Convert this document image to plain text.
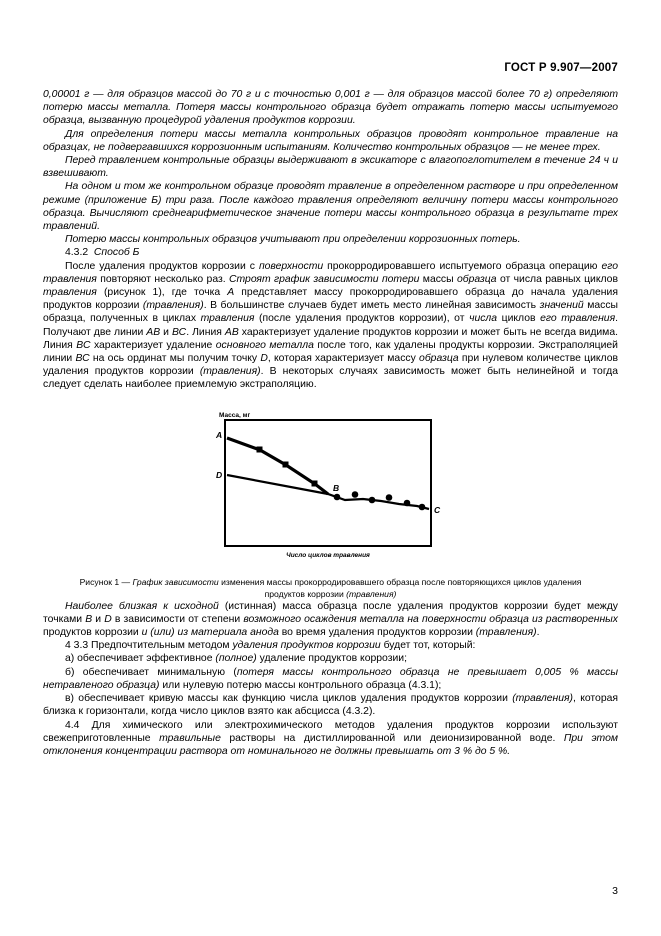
ГОСТ Р 9.907—2007

0,00001 г — для образцов массой до 70 г и с точностью 0,001 г — для образцов массой более 70 г) определяют потерю массы металла. Потеря массы контрольного образца будет отражать потерю массы испытуемого образца, вызванную процедурой удаления продуктов коррозии.

Для определения потери массы металла контрольных образцов проводят контрольное травление на образцах, не подвергавшихся коррозионным испытаниям. Количество контрольных образцов — не менее трех.

Перед травлением контрольные образцы выдерживают в эксикаторе с влагопоглотителем в течение 24 ч и взвешивают.

На одном и том же контрольном образце проводят травление в определенном растворе и при определенном режиме (приложение Б) три раза. После каждого травления определяют величину потери массы контрольного образца. Вычисляют среднеарифметическое значение потери массы контрольного образца в результате трех травлений.

Потерю массы контрольных образцов учитывают при определении коррозионных потерь.

4.3.2 Способ Б

После удаления продуктов коррозии с поверхности прокорродировавшего испытуемого образца операцию его травления повторяют несколько раз. Строят график зависимости потери массы образца от числа равных циклов травления (рисунок 1), где точка А представляет массу прокорродировавшего образца до начала удаления продуктов коррозии (травления). В большинстве случаев будет иметь место линейная зависимость значений массы образца, полученных в циклах травления (после удаления продуктов коррозии), от числа циклов его травления. Получают две линии АВ и ВС. Линия АВ характеризует удаление продуктов коррозии и может быть не всегда видима. Линия ВС характеризует удаление основного металла после того, как удалены продукты коррозии. Экстраполяцией линии ВС на ось ординат мы получим точку D, которая характеризует массу образца при нулевом количестве циклов удаления продуктов коррозии (травления). В некоторых случаях зависимость может быть нелинейной и тогда следует сделать наиболее приемлемую экстраполяцию.

Масса, мг
A
B
C
D
Число циклов травления
Рисунок 1 — График зависимости изменения массы прокорродировавшего образца после повторяющихся циклов удаления продуктов коррозии (травления)

Наиболее близкая к исходной (истинная) масса образца после удаления продуктов коррозии будет между точками В и D в зависимости от степени возможного осаждения металла на поверхности образца из растворенных продуктов коррозии и (или) из материала анода во время удаления продуктов коррозии (травления).

4 3.3 Предпочтительным методом удаления продуктов коррозии будет тот, который:

а) обеспечивает эффективное (полное) удаление продуктов коррозии;

б) обеспечивает минимальную (потеря массы контрольного образца не превышает 0,005 % массы нетравленого образца) или нулевую потерю массы контрольного образца (4.3.1);

в) обеспечивает кривую массы как функцию числа циклов удаления продуктов коррозии (травления), которая близка к горизонтали, когда число циклов взято как абсцисса (4.3.2).

4.4 Для химического или электрохимического методов удаления продуктов коррозии используют свежеприготовленные травильные растворы на дистиллированной или деионизированной воде. При этом отклонения концентрации раствора от номинального не должны превышать от 3 % до 5 %.

3
